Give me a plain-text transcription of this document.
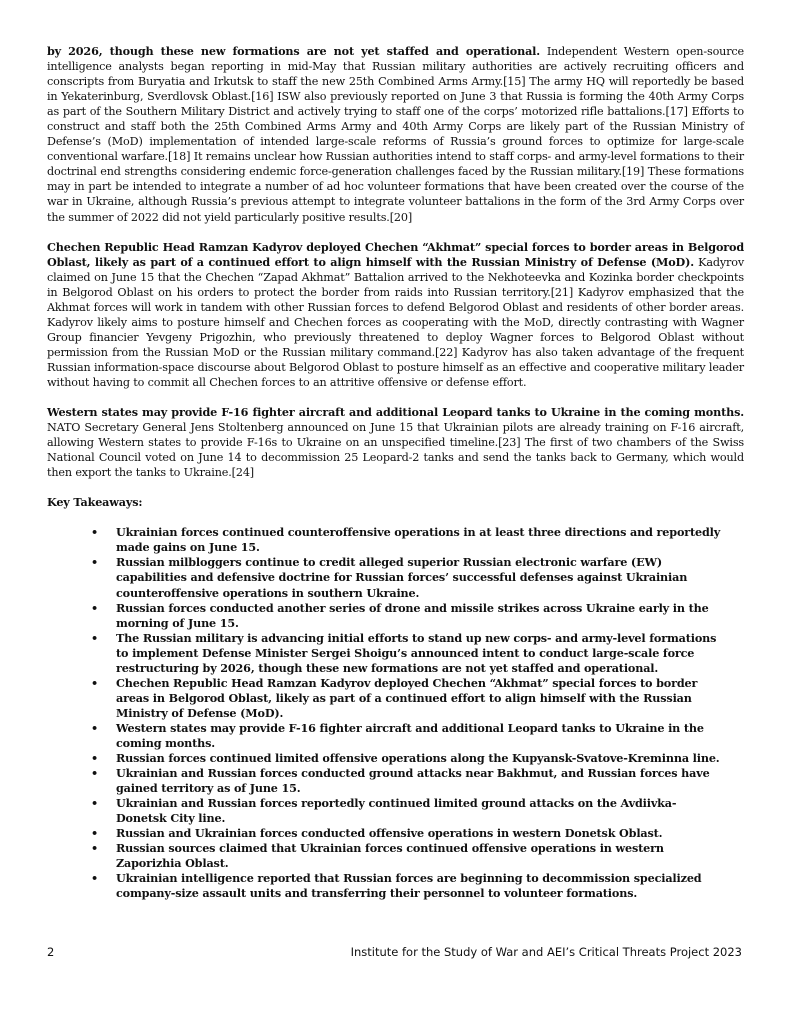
by 2026, though these new formations are not yet staffed and operational. Independent Western open-source intelligence analysts began reporting in mid-May that Russian military authorities are actively recruiting officers and conscripts from Buryatia and Irkutsk to staff the new 25th Combined Arms Army.[15] The army HQ will reportedly be based in Yekaterinburg, Sverdlovsk Oblast.[16] ISW also previously reported on June 3 that Russia is forming the 40th Army Corps as part of the Southern Military District and actively trying to staff one of the corps’ motorized rifle battalions.[17] Efforts to construct and staff both the 25th Combined Arms Army and 40th Army Corps are likely part of the Russian Ministry of Defense’s (MoD) implementation of intended large-scale reforms of Russia’s ground forces to optimize for large-scale conventional warfare.[18] It remains unclear how Russian authorities intend to staff corps- and army-level formations to their doctrinal end strengths considering endemic force-generation challenges faced by the Russian military.[19] These formations may in part be intended to integrate a number of ad hoc volunteer formations that have been created over the course of the war in Ukraine, although Russia’s previous attempt to integrate volunteer battalions in the form of the 3rd Army Corps over the summer of 2022 did not yield particularly positive results.[20]

Chechen Republic Head Ramzan Kadyrov deployed Chechen “Akhmat” special forces to border areas in Belgorod Oblast, likely as part of a continued effort to align himself with the Russian Ministry of Defense (MoD). Kadyrov claimed on June 15 that the Chechen “Zapad Akhmat” Battalion arrived to the Nekhoteevka and Kozinka border checkpoints in Belgorod Oblast on his orders to protect the border from raids into Russian territory.[21] Kadyrov emphasized that the Akhmat forces will work in tandem with other Russian forces to defend Belgorod Oblast and residents of other border areas. Kadyrov likely aims to posture himself and Chechen forces as cooperating with the MoD, directly contrasting with Wagner Group financier Yevgeny Prigozhin, who previously threatened to deploy Wagner forces to Belgorod Oblast without permission from the Russian MoD or the Russian military command.[22] Kadyrov has also taken advantage of the frequent Russian information-space discourse about Belgorod Oblast to posture himself as an effective and cooperative military leader without having to commit all Chechen forces to an attritive offensive or defense effort.

Western states may provide F-16 fighter aircraft and additional Leopard tanks to Ukraine in the coming months. NATO Secretary General Jens Stoltenberg announced on June 15 that Ukrainian pilots are already training on F-16 aircraft, allowing Western states to provide F-16s to Ukraine on an unspecified timeline.[23] The first of two chambers of the Swiss National Council voted on June 14 to decommission 25 Leopard-2 tanks and send the tanks back to Germany, which would then export the tanks to Ukraine.[24]

Key Takeaways:
• Ukrainian forces continued counteroffensive operations in at least three directions and reportedly made gains on June 15.
• Russian milbloggers continue to credit alleged superior Russian electronic warfare (EW) capabilities and defensive doctrine for Russian forces’ successful defenses against Ukrainian counteroffensive operations in southern Ukraine.
• Russian forces conducted another series of drone and missile strikes across Ukraine early in the morning of June 15.
• The Russian military is advancing initial efforts to stand up new corps- and army-level formations to implement Defense Minister Sergei Shoigu’s announced intent to conduct large-scale force restructuring by 2026, though these new formations are not yet staffed and operational.
• Chechen Republic Head Ramzan Kadyrov deployed Chechen “Akhmat” special forces to border areas in Belgorod Oblast, likely as part of a continued effort to align himself with the Russian Ministry of Defense (MoD).
• Western states may provide F-16 fighter aircraft and additional Leopard tanks to Ukraine in the coming months.
• Russian forces continued limited offensive operations along the Kupyansk-Svatove-Kreminna line.
• Ukrainian and Russian forces conducted ground attacks near Bakhmut, and Russian forces have gained territory as of June 15.
• Ukrainian and Russian forces reportedly continued limited ground attacks on the Avdiivka-Donetsk City line.
• Russian and Ukrainian forces conducted offensive operations in western Donetsk Oblast.
• Russian sources claimed that Ukrainian forces continued offensive operations in western Zaporizhia Oblast.
• Ukrainian intelligence reported that Russian forces are beginning to decommission specialized company-size assault units and transferring their personnel to volunteer formations.
2	Institute for the Study of War and AEI’s Critical Threats Project 2023
